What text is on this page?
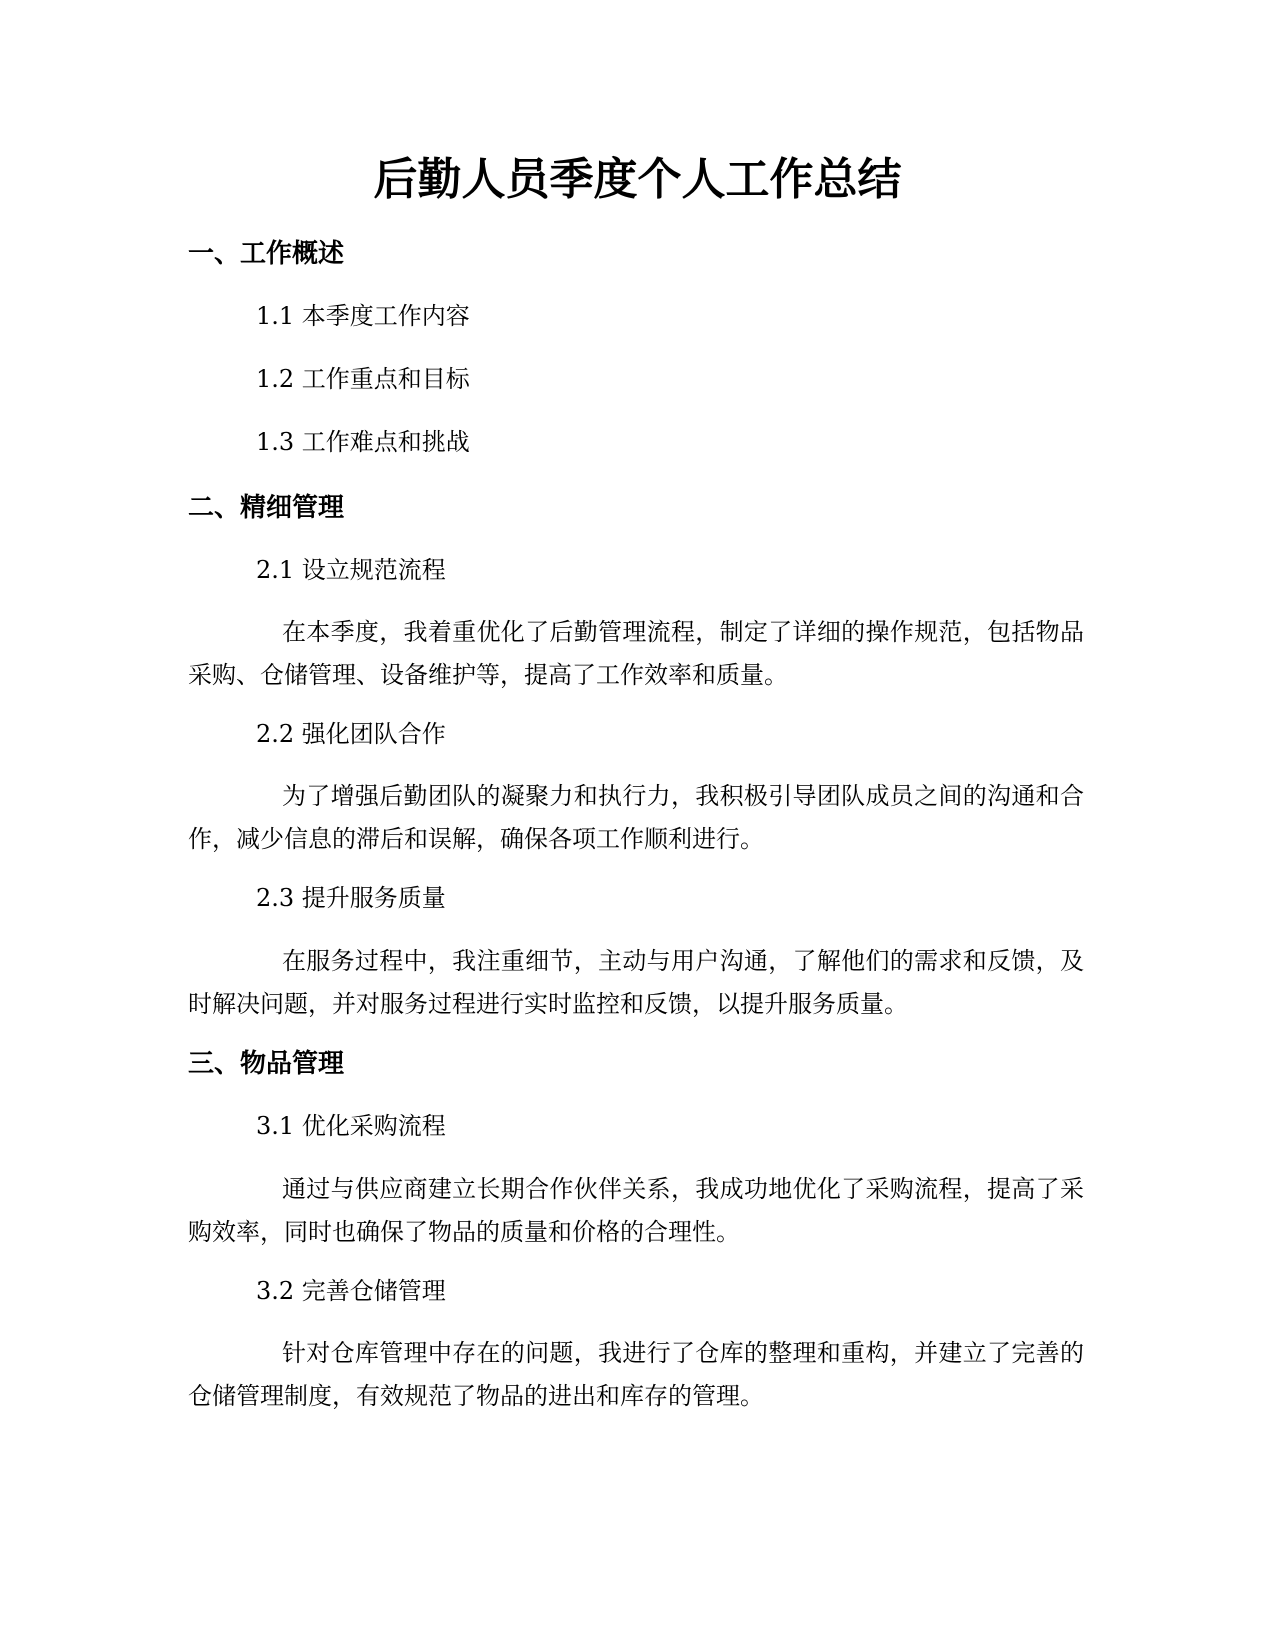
后勤人员季度个人工作总结
一、工作概述
1.1 本季度工作内容
1.2 工作重点和目标
1.3 工作难点和挑战
二、精细管理
2.1 设立规范流程

在本季度，我着重优化了后勤管理流程，制定了详细的操作规范，包括物品采购、仓储管理、设备维护等，提高了工作效率和质量。

2.2 强化团队合作

为了增强后勤团队的凝聚力和执行力，我积极引导团队成员之间的沟通和合作，减少信息的滞后和误解，确保各项工作顺利进行。

2.3 提升服务质量

在服务过程中，我注重细节，主动与用户沟通，了解他们的需求和反馈，及时解决问题，并对服务过程进行实时监控和反馈，以提升服务质量。

三、物品管理
3.1 优化采购流程

通过与供应商建立长期合作伙伴关系，我成功地优化了采购流程，提高了采购效率，同时也确保了物品的质量和价格的合理性。

3.2 完善仓储管理

针对仓库管理中存在的问题，我进行了仓库的整理和重构，并建立了完善的仓储管理制度，有效规范了物品的进出和库存的管理。
